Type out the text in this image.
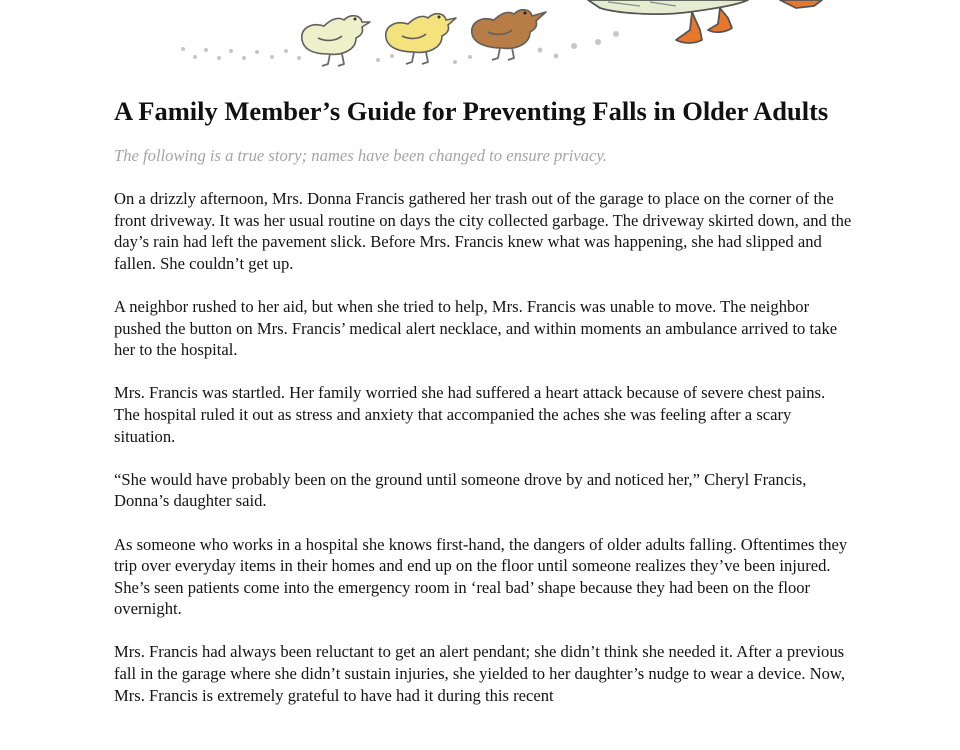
A Family Member’s Guide for Preventing Falls in Older Adults

The following is a true story; names have been changed to ensure privacy.

On a drizzly afternoon, Mrs. Donna Francis gathered her trash out of the garage to place on the corner of the front driveway. It was her usual routine on days the city collected garbage. The driveway skirted down, and the day’s rain had left the pavement slick. Before Mrs. Francis knew what was happening, she had slipped and fallen. She couldn’t get up.

A neighbor rushed to her aid, but when she tried to help, Mrs. Francis was unable to move. The neighbor pushed the button on Mrs. Francis’ medical alert necklace, and within moments an ambulance arrived to take her to the hospital.

Mrs. Francis was startled. Her family worried she had suffered a heart attack because of severe chest pains. The hospital ruled it out as stress and anxiety that accompanied the aches she was feeling after a scary situation.

“She would have probably been on the ground until someone drove by and noticed her,” Cheryl Francis, Donna’s daughter said.

As someone who works in a hospital she knows first-hand, the dangers of older adults falling. Oftentimes they trip over everyday items in their homes and end up on the floor until someone realizes they’ve been injured. She’s seen patients come into the emergency room in ‘real bad’ shape because they had been on the floor overnight.

Mrs. Francis had always been reluctant to get an alert pendant; she didn’t think she needed it. After a previous fall in the garage where she didn’t sustain injuries, she yielded to her daughter’s nudge to wear a device. Now, Mrs. Francis is extremely grateful to have had it during this recent
